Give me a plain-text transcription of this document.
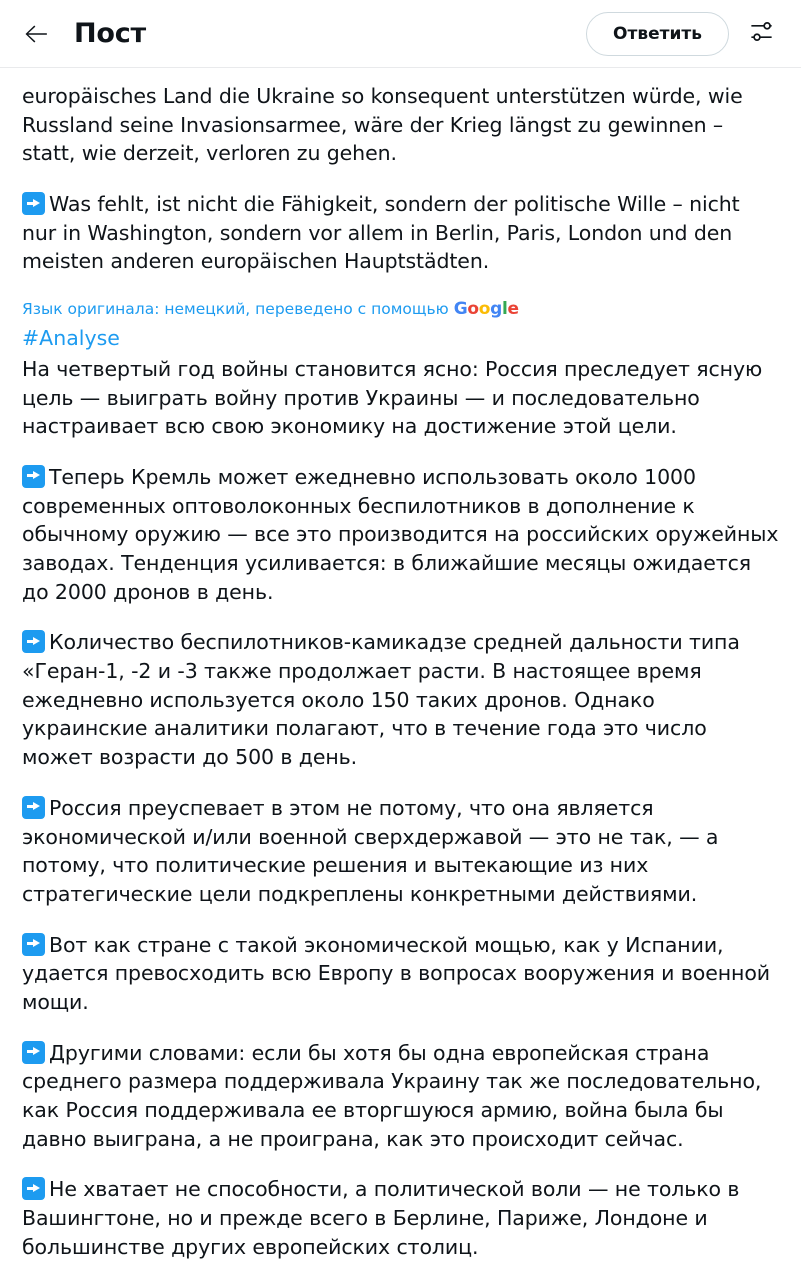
Пост	Ответить

europäisches Land die Ukraine so konsequent unterstützen würde, wie Russland seine Invasionsarmee, wäre der Krieg längst zu gewinnen – statt, wie derzeit, verloren zu gehen.

Was fehlt, ist nicht die Fähigkeit, sondern der politische Wille – nicht nur in Washington, sondern vor allem in Berlin, Paris, London und den meisten anderen europäischen Hauptstädten.

Язык оригинала: немецкий, переведено с помощью Google
#Analyse

На четвертый год войны становится ясно: Россия преследует ясную цель — выиграть войну против Украины — и последовательно настраивает всю свою экономику на достижение этой цели.

Теперь Кремль может ежедневно использовать около 1000 современных оптоволоконных беспилотников в дополнение к обычному оружию — все это производится на российских оружейных заводах. Тенденция усиливается: в ближайшие месяцы ожидается до 2000 дронов в день.

Количество беспилотников-камикадзе средней дальности типа «Геран-1, -2 и -3 также продолжает расти. В настоящее время ежедневно используется около 150 таких дронов. Однако украинские аналитики полагают, что в течение года это число может возрасти до 500 в день.

Россия преуспевает в этом не потому, что она является экономической и/или военной сверхдержавой — это не так, — а потому, что политические решения и вытекающие из них стратегические цели подкреплены конкретными действиями.

Вот как стране с такой экономической мощью, как у Испании, удается превосходить всю Европу в вопросах вооружения и военной мощи.

Другими словами: если бы хотя бы одна европейская страна среднего размера поддерживала Украину так же последовательно, как Россия поддерживала ее вторгшуюся армию, война была бы давно выиграна, а не проиграна, как это происходит сейчас.

Не хватает не способности, а политической воли — не только в Вашингтоне, но и прежде всего в Берлине, Париже, Лондоне и большинстве других европейских столиц.
